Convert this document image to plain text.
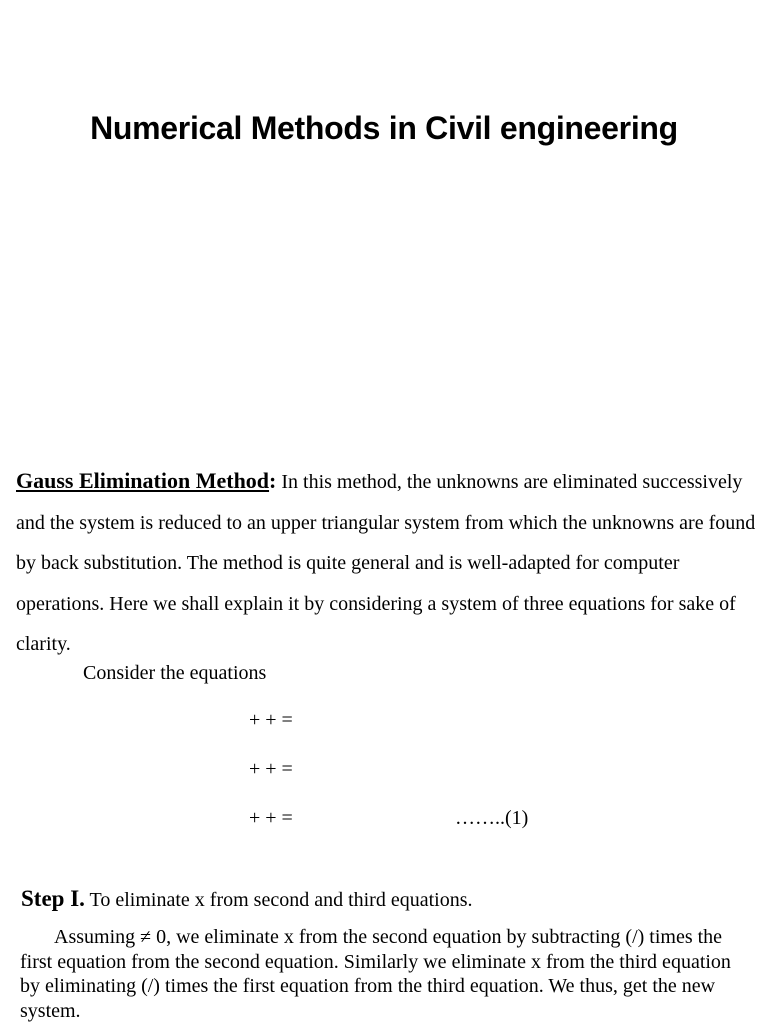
Numerical Methods in Civil engineering
Gauss Elimination Method: In this method, the unknowns are eliminated successively and the system is reduced to an upper triangular system from which the unknowns are found by back substitution. The method is quite general and is well-adapted for computer operations. Here we shall explain it by considering a system of three equations for sake of clarity.
Consider the equations
+ + =
+ + =
+ + =	……..(1)
Step I. To eliminate x from second and third equations.
Assuming ≠ 0, we eliminate x from the second equation by subtracting (/) times the first equation from the second equation. Similarly we eliminate x from the third equation by eliminating (/) times the first equation from the third equation. We thus, get the new system.
